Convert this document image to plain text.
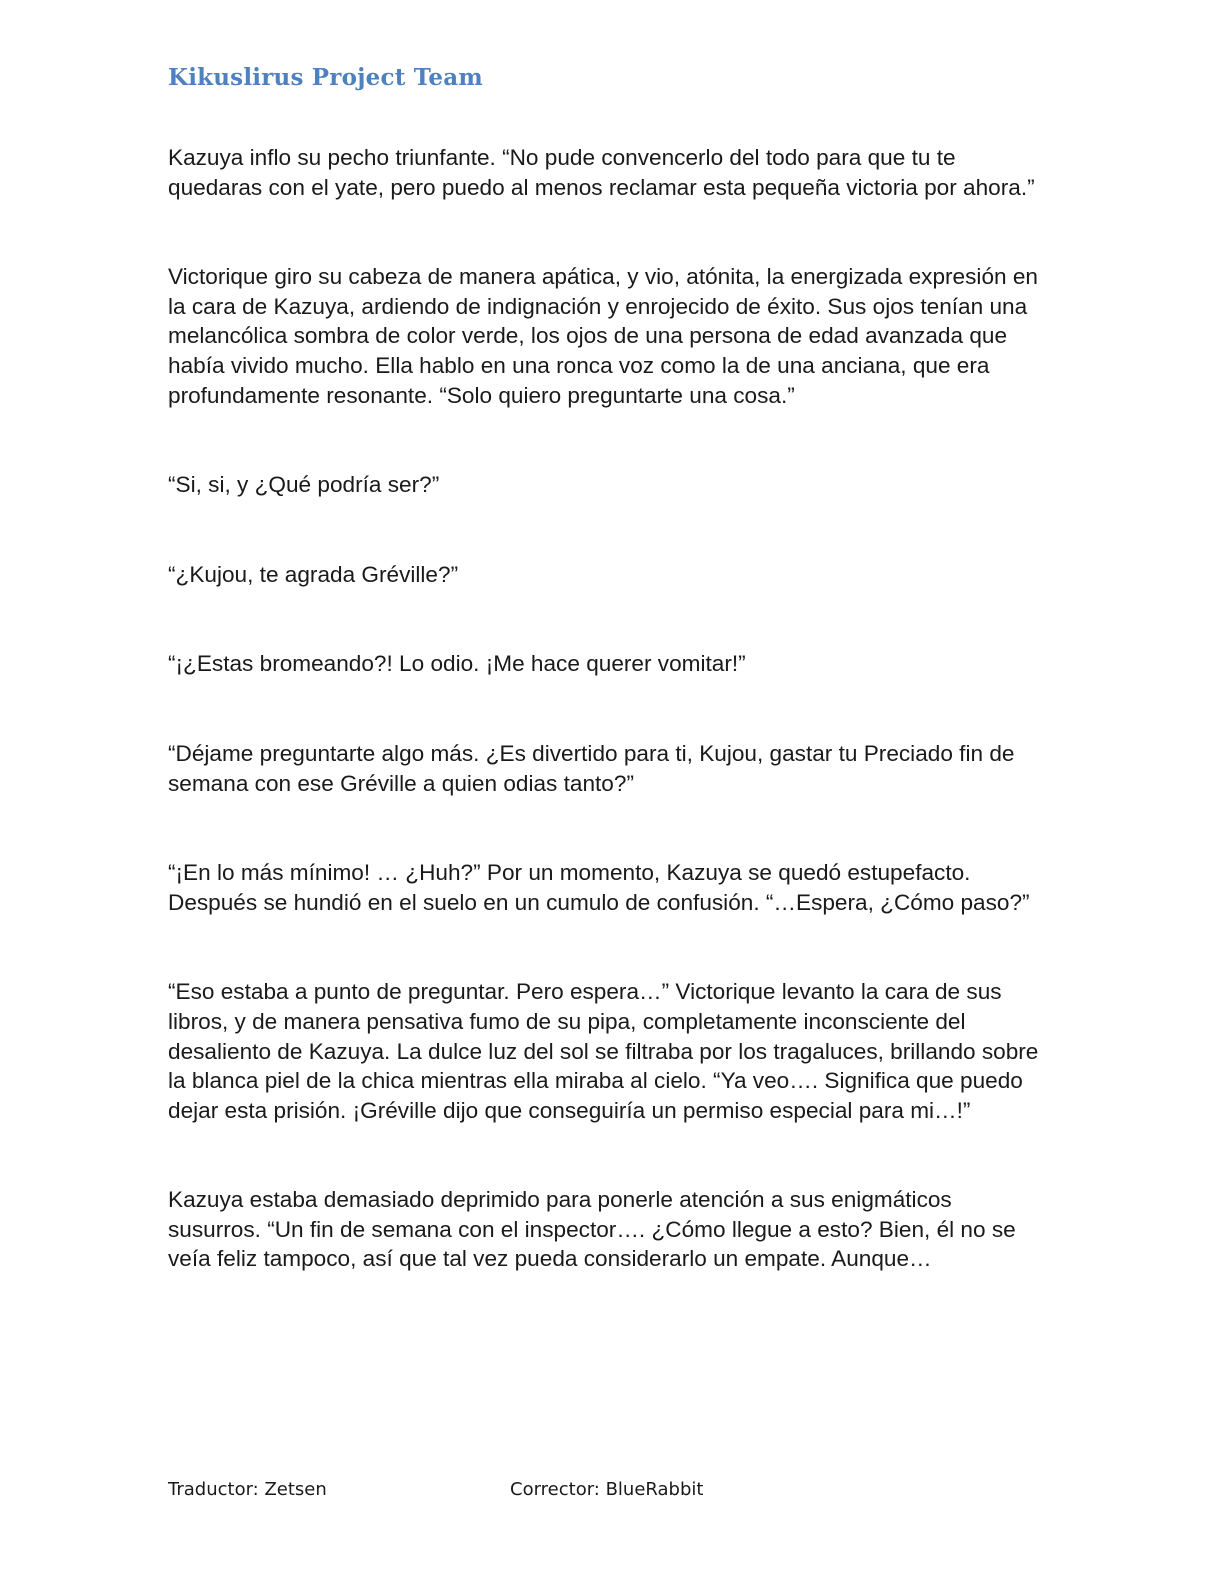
Kikuslirus Project Team

Kazuya inflo su pecho triunfante. “No pude convencerlo del todo para que tu te quedaras con el yate, pero puedo al menos reclamar esta pequeña victoria por ahora.”

Victorique giro su cabeza de manera apática, y vio, atónita, la energizada expresión en la cara de Kazuya, ardiendo de indignación y enrojecido de éxito. Sus ojos tenían una melancólica sombra de color verde, los ojos de una persona de edad avanzada que había vivido mucho. Ella hablo en una ronca voz como la de una anciana, que era profundamente resonante. “Solo quiero preguntarte una cosa.”

“Si, si, y ¿Qué podría ser?”

“¿Kujou, te agrada Gréville?”

“¡¿Estas bromeando?! Lo odio. ¡Me hace querer vomitar!”

“Déjame preguntarte algo más. ¿Es divertido para ti, Kujou, gastar tu Preciado fin de semana con ese Gréville a quien odias tanto?”

“¡En lo más mínimo! … ¿Huh?” Por un momento, Kazuya se quedó estupefacto. Después se hundió en el suelo en un cumulo de confusión. “…Espera, ¿Cómo paso?”

“Eso estaba a punto de preguntar. Pero espera…” Victorique levanto la cara de sus libros, y de manera pensativa fumo de su pipa, completamente inconsciente del desaliento de Kazuya. La dulce luz del sol se filtraba por los tragaluces, brillando sobre la blanca piel de la chica mientras ella miraba al cielo. “Ya veo…. Significa que puedo dejar esta prisión. ¡Gréville dijo que conseguiría un permiso especial para mi…!”

Kazuya estaba demasiado deprimido para ponerle atención a sus enigmáticos susurros. “Un fin de semana con el inspector…. ¿Cómo llegue a esto? Bien, él no se veía feliz tampoco, así que tal vez pueda considerarlo un empate. Aunque…

Traductor: Zetsen	Corrector: BlueRabbit
